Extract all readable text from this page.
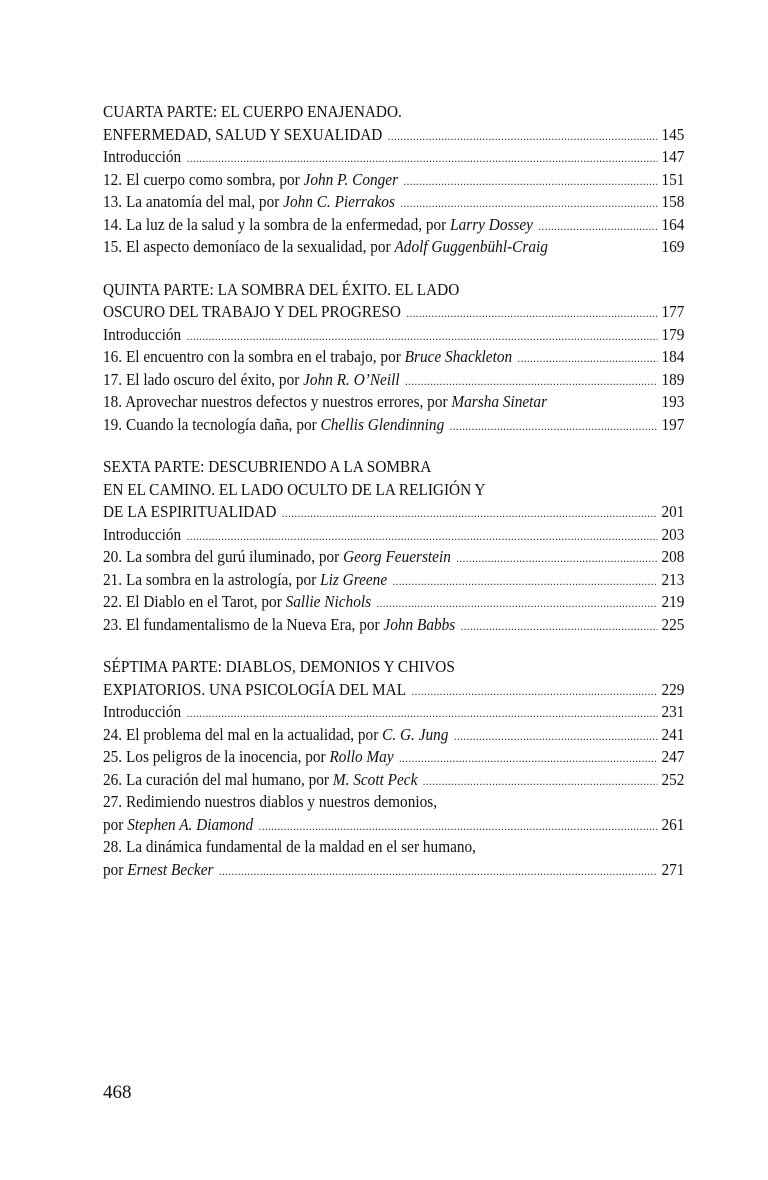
CUARTA PARTE: EL CUERPO ENAJENADO.
ENFERMEDAD, SALUD Y SEXUALIDAD .....	145
Introducción .....	147
12. El cuerpo como sombra, por John P. Conger .....	151
13. La anatomía del mal, por John C. Pierrakos .....	158
14. La luz de la salud y la sombra de la enfermedad, por Larry Dossey .....	164
15. El aspecto demoníaco de la sexualidad, por Adolf Guggenbühl-Craig	169
QUINTA PARTE: LA SOMBRA DEL ÉXITO. EL LADO
OSCURO DEL TRABAJO Y DEL PROGRESO .....	177
Introducción .....	179
16. El encuentro con la sombra en el trabajo, por Bruce Shackleton .....	184
17. El lado oscuro del éxito, por John R. O’Neill .....	189
18. Aprovechar nuestros defectos y nuestros errores, por Marsha Sinetar	193
19. Cuando la tecnología daña, por Chellis Glendinning .....	197
SEXTA PARTE: DESCUBRIENDO A LA SOMBRA
EN EL CAMINO. EL LADO OCULTO DE LA RELIGIÓN Y
DE LA ESPIRITUALIDAD .....	201
Introducción .....	203
20. La sombra del gurú iluminado, por Georg Feuerstein .....	208
21. La sombra en la astrología, por Liz Greene .....	213
22. El Diablo en el Tarot, por Sallie Nichols .....	219
23. El fundamentalismo de la Nueva Era, por John Babbs .....	225
SÉPTIMA PARTE: DIABLOS, DEMONIOS Y CHIVOS
EXPIATORIOS. UNA PSICOLOGÍA DEL MAL .....	229
Introducción .....	231
24. El problema del mal en la actualidad, por C. G. Jung .....	241
25. Los peligros de la inocencia, por Rollo May .....	247
26. La curación del mal humano, por M. Scott Peck .....	252
27. Redimiendo nuestros diablos y nuestros demonios,
por Stephen A. Diamond .....	261
28. La dinámica fundamental de la maldad en el ser humano,
por Ernest Becker .....	271
468
